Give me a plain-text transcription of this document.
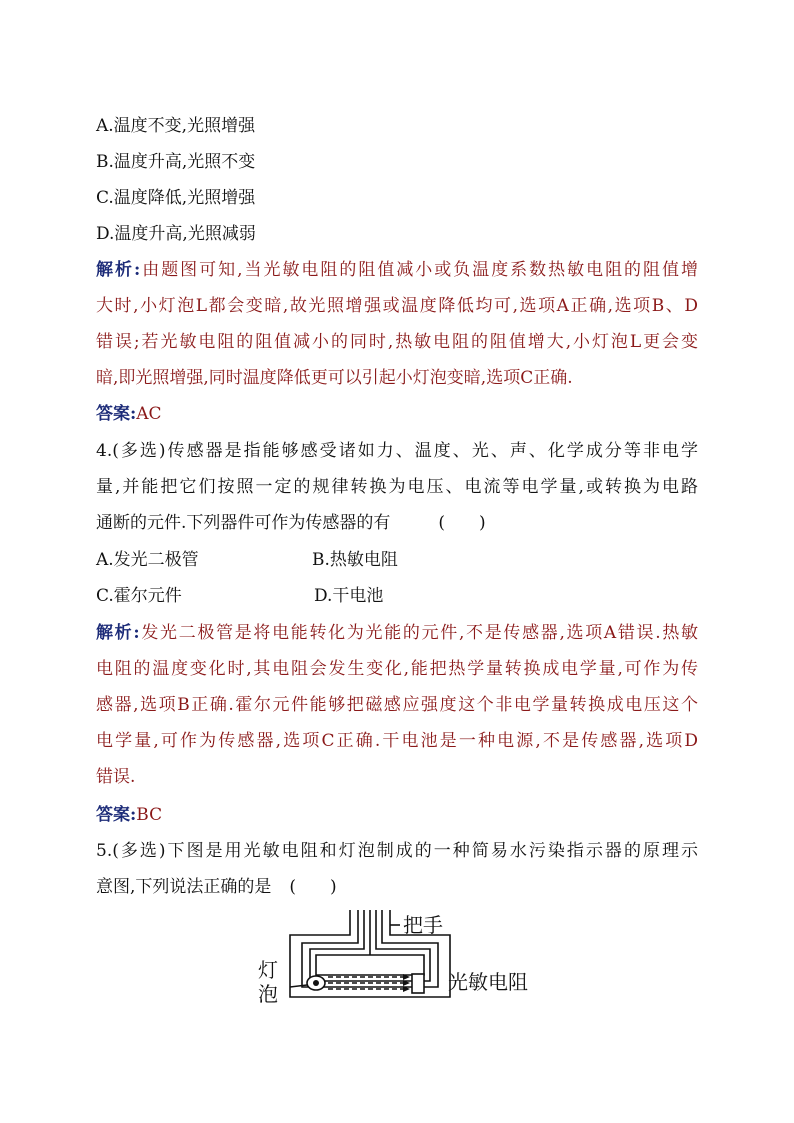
A.温度不变,光照增强
B.温度升高,光照不变
C.温度降低,光照增强
D.温度升高,光照减弱
解析:由题图可知,当光敏电阻的阻值减小或负温度系数热敏电阻的阻值增
大时,小灯泡L都会变暗,故光照增强或温度降低均可,选项A正确,选项B、D
错误;若光敏电阻的阻值减小的同时,热敏电阻的阻值增大,小灯泡L更会变
暗,即光照增强,同时温度降低更可以引起小灯泡变暗,选项C正确.
答案:AC
4.(多选)传感器是指能够感受诸如力、温度、光、声、化学成分等非电学
量,并能把它们按照一定的规律转换为电压、电流等电学量,或转换为电路
通断的元件.下列器件可作为传感器的有	(　　)
A.发光二极管	B.热敏电阻
C.霍尔元件	D.干电池
解析:发光二极管是将电能转化为光能的元件,不是传感器,选项A错误.热敏
电阻的温度变化时,其电阻会发生变化,能把热学量转换成电学量,可作为传
感器,选项B正确.霍尔元件能够把磁感应强度这个非电学量转换成电压这个
电学量,可作为传感器,选项C正确.干电池是一种电源,不是传感器,选项D
错误.
答案:BC
5.(多选)下图是用光敏电阻和灯泡制成的一种简易水污染指示器的原理示
意图,下列说法正确的是 (　　)
把手
灯
泡	光敏电阻
